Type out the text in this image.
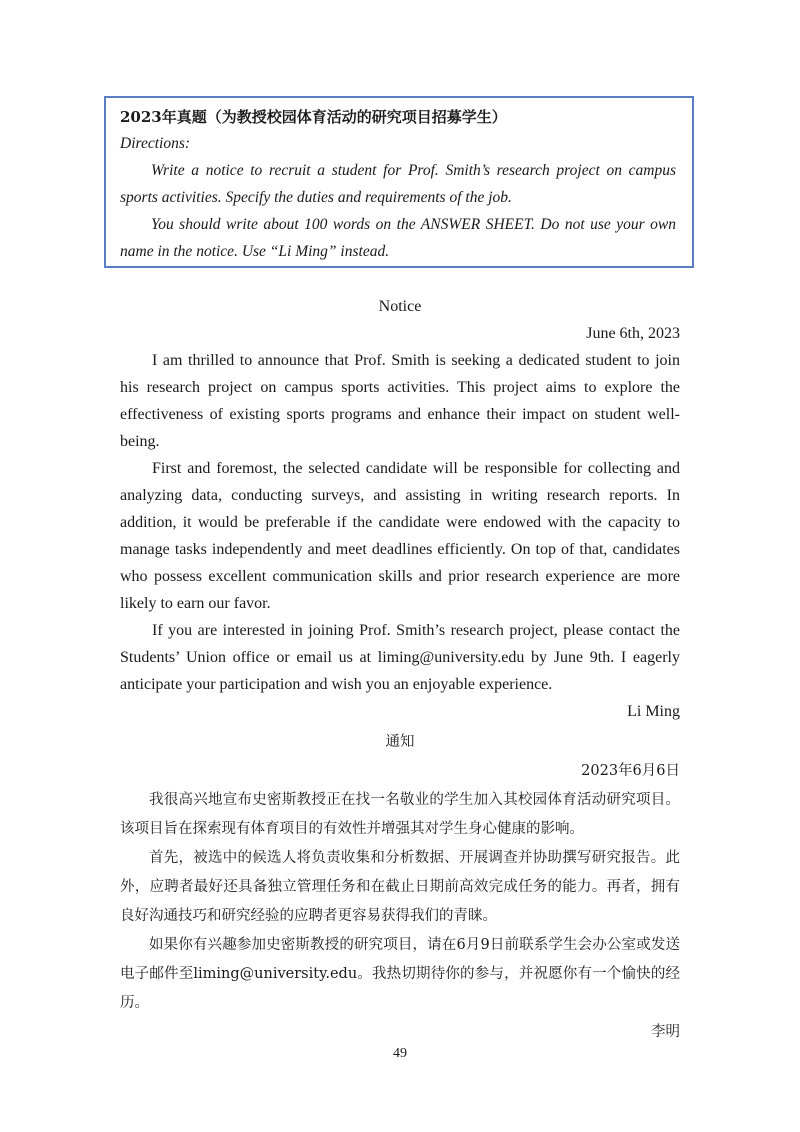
2023年真题（为教授校园体育活动的研究项目招募学生）
Directions:

Write a notice to recruit a student for Prof. Smith’s research project on campus sports activities. Specify the duties and requirements of the job.

You should write about 100 words on the ANSWER SHEET. Do not use your own name in the notice. Use “Li Ming” instead.

Notice
June 6th, 2023

I am thrilled to announce that Prof. Smith is seeking a dedicated student to join his research project on campus sports activities. This project aims to explore the effectiveness of existing sports programs and enhance their impact on student well-being.

First and foremost, the selected candidate will be responsible for collecting and analyzing data, conducting surveys, and assisting in writing research reports. In addition, it would be preferable if the candidate were endowed with the capacity to manage tasks independently and meet deadlines efficiently. On top of that, candidates who possess excellent communication skills and prior research experience are more likely to earn our favor.

If you are interested in joining Prof. Smith’s research project, please contact the Students’ Union office or email us at liming@university.edu by June 9th. I eagerly anticipate your participation and wish you an enjoyable experience.

Li Ming
通知
2023年6月6日

我很高兴地宣布史密斯教授正在找一名敬业的学生加入其校园体育活动研究项目。该项目旨在探索现有体育项目的有效性并增强其对学生身心健康的影响。

首先，被选中的候选人将负责收集和分析数据、开展调查并协助撰写研究报告。此外，应聘者最好还具备独立管理任务和在截止日期前高效完成任务的能力。再者，拥有良好沟通技巧和研究经验的应聘者更容易获得我们的青睐。

如果你有兴趣参加史密斯教授的研究项目，请在6月9日前联系学生会办公室或发送电子邮件至liming@university.edu。我热切期待你的参与，并祝愿你有一个愉快的经历。

李明
49
